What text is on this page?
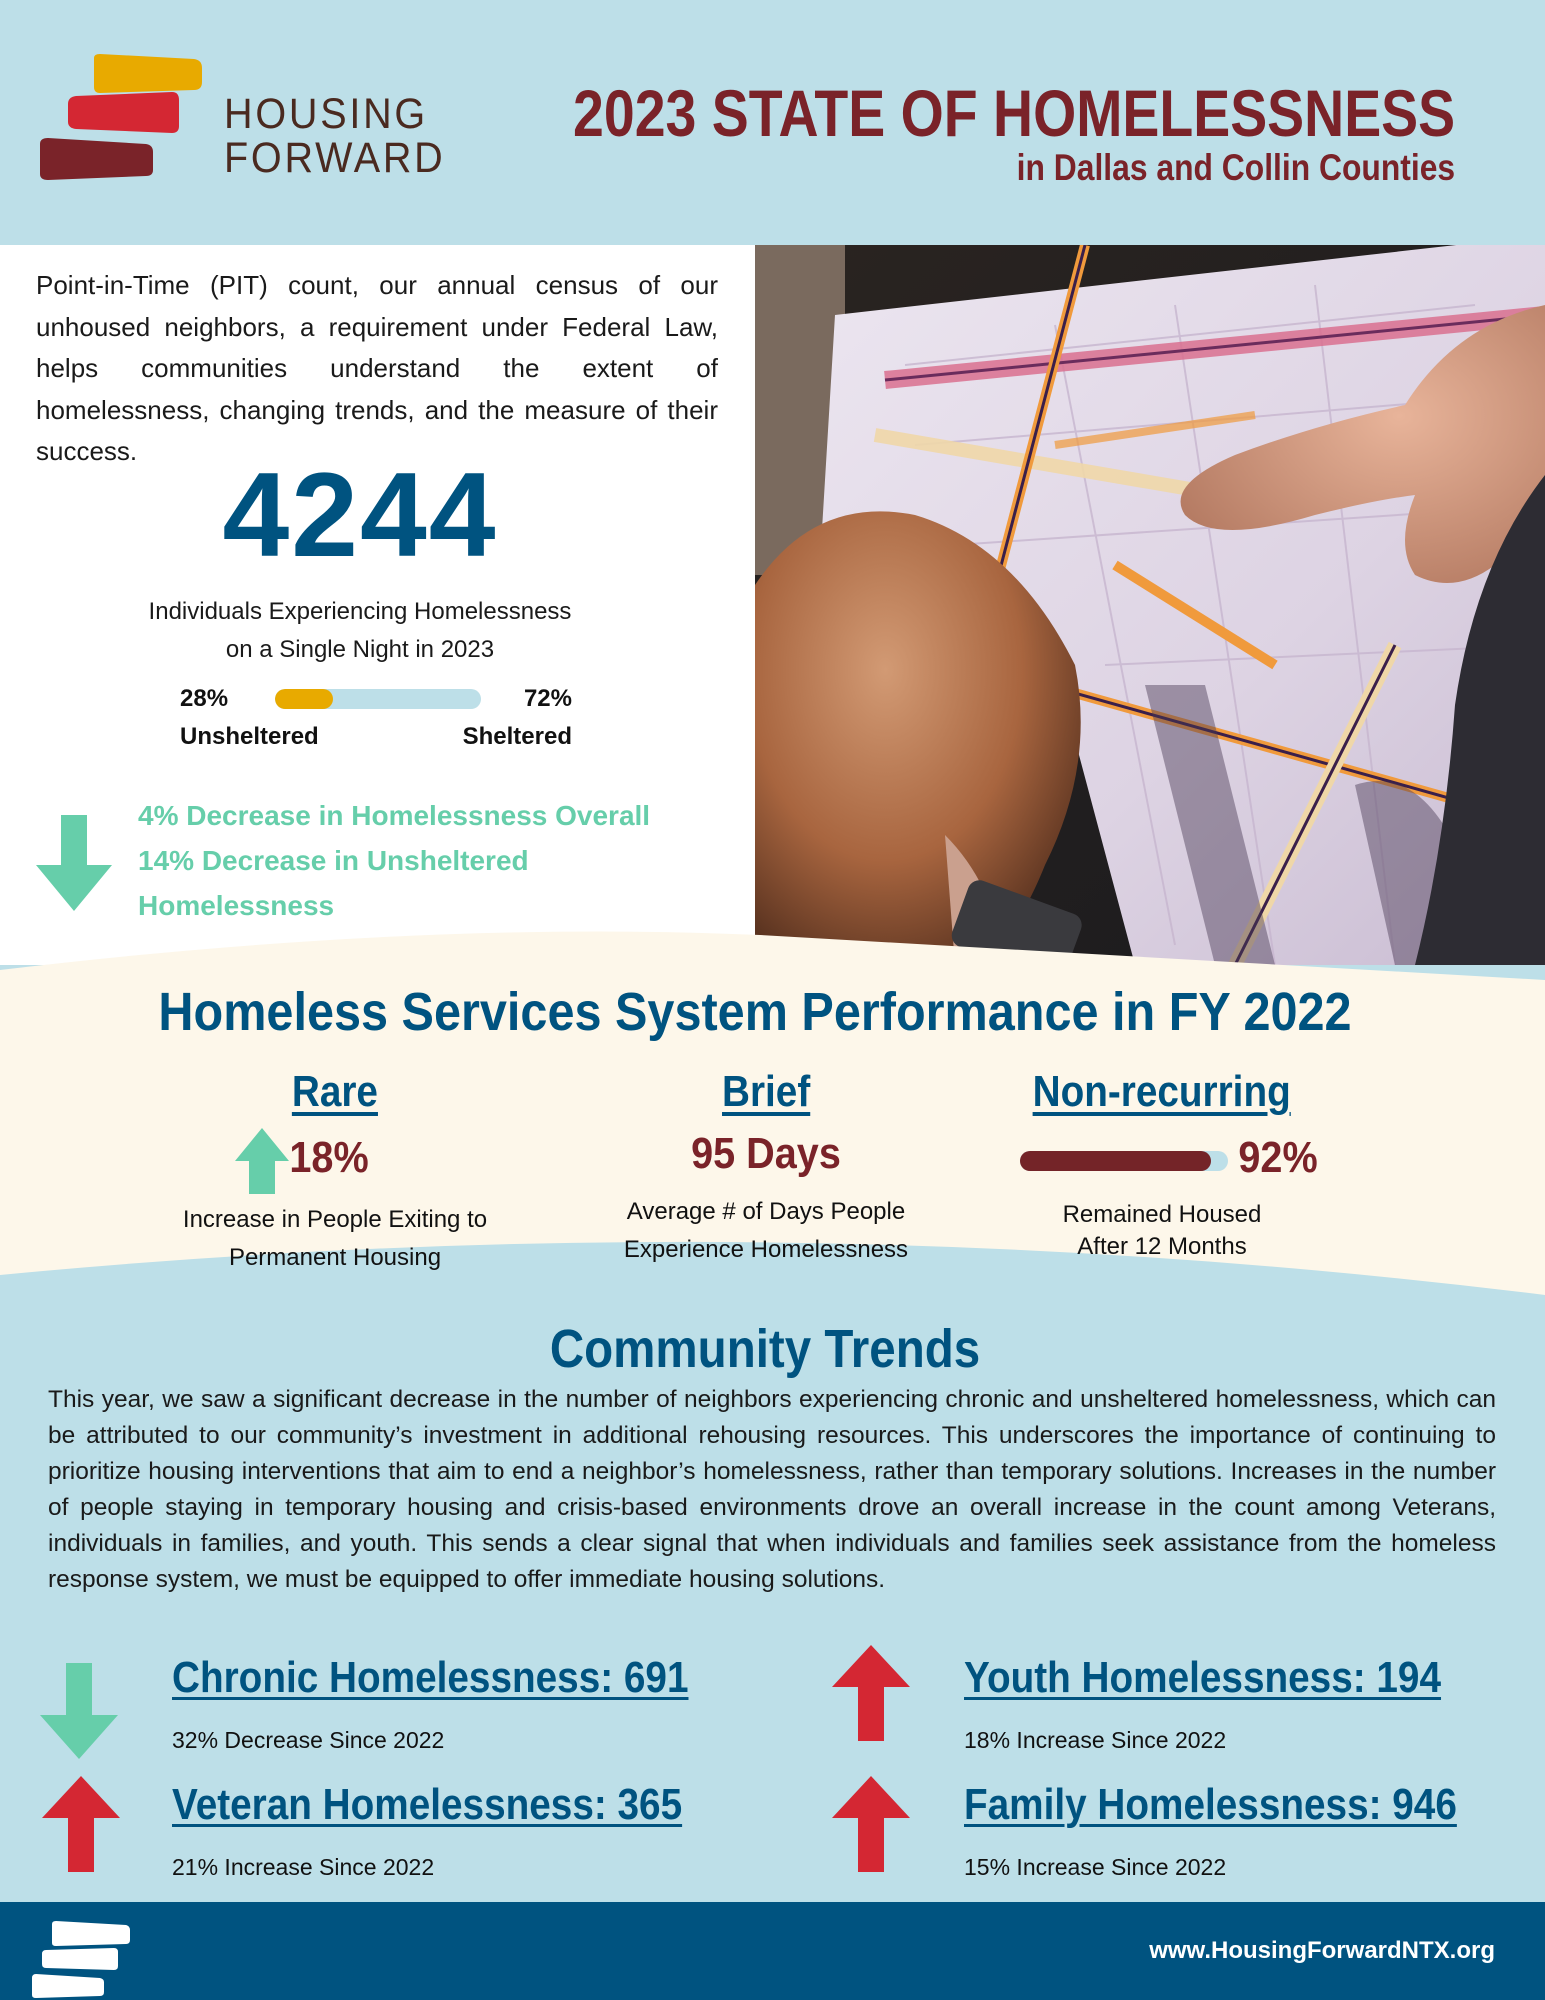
HOUSING
FORWARD
2023 STATE OF HOMELESSNESS
in Dallas and Collin Counties

Point-in-Time (PIT) count, our annual census of our unhoused neighbors, a requirement under Federal Law, helps communities understand the extent of homelessness, changing trends, and the measure of their success. 4244
Individuals Experiencing Homelessness
on a Single Night in 2023
28%	72%
Unsheltered	Sheltered
4% Decrease in Homelessness Overall
14% Decrease in Unsheltered
Homelessness
Homeless Services System Performance in FY 2022
Rare
18%
Increase in People Exiting to
Permanent Housing
Brief
95 Days
Average # of Days People
Experience Homelessness
Non-recurring
92%
Remained Housed
After 12 Months
Community Trends

This year, we saw a significant decrease in the number of neighbors experiencing chronic and unsheltered homelessness, which can be attributed to our community’s investment in additional rehousing resources. This underscores the importance of continuing to prioritize housing interventions that aim to end a neighbor’s homelessness, rather than temporary solutions. Increases in the number of people staying in temporary housing and crisis-based environments drove an overall increase in the count among Veterans, individuals in families, and youth. This sends a clear signal that when individuals and families seek assistance from the homeless response system, we must be equipped to offer immediate housing solutions.

Chronic Homelessness: 691
32% Decrease Since 2022
Veteran Homelessness: 365
21% Increase Since 2022
Youth Homelessness: 194
18% Increase Since 2022
Family Homelessness: 946
15% Increase Since 2022
www.HousingForwardNTX.org
